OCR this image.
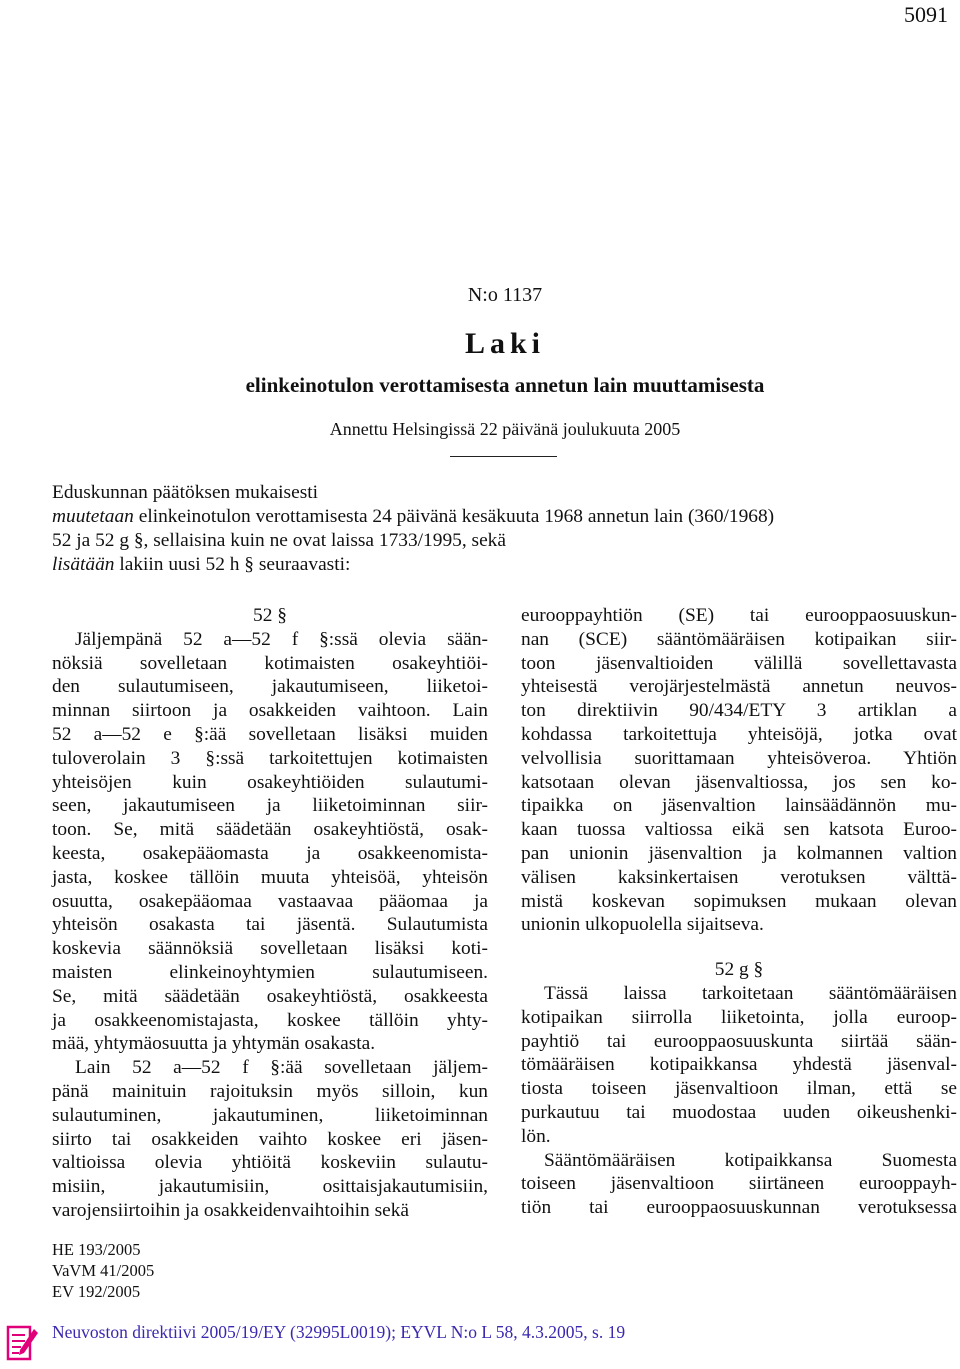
5091
N:o 1137
Laki
elinkeinotulon verottamisesta annetun lain muuttamisesta
Annettu Helsingissä 22 päivänä joulukuuta 2005
Eduskunnan päätöksen mukaisesti
muutetaan elinkeinotulon verottamisesta 24 päivänä kesäkuuta 1968 annetun lain (360/1968)
52 ja 52 g §, sellaisina kuin ne ovat laissa 1733/1995, sekä
lisätään lakiin uusi 52 h § seuraavasti:
52 §
Jäljempänä 52 a—52 f §:ssä olevia sään-
nöksiä sovelletaan kotimaisten osakeyhtiöi-
den sulautumiseen, jakautumiseen, liiketoi-
minnan siirtoon ja osakkeiden vaihtoon. Lain
52 a—52 e §:ää sovelletaan lisäksi muiden
tuloverolain 3 §:ssä tarkoitettujen kotimaisten
yhteisöjen kuin osakeyhtiöiden sulautumi-
seen, jakautumiseen ja liiketoiminnan siir-
toon. Se, mitä säädetään osakeyhtiöstä, osak-
keesta, osakepääomasta ja osakkeenomista-
jasta, koskee tällöin muuta yhteisöä, yhteisön
osuutta, osakepääomaa vastaavaa pääomaa ja
yhteisön osakasta tai jäsentä. Sulautumista
koskevia säännöksiä sovelletaan lisäksi koti-
maisten elinkeinoyhtymien sulautumiseen.
Se, mitä säädetään osakeyhtiöstä, osakkeesta
ja osakkeenomistajasta, koskee tällöin yhty-
mää, yhtymäosuutta ja yhtymän osakasta.
Lain 52 a—52 f §:ää sovelletaan jäljem-
pänä mainituin rajoituksin myös silloin, kun
sulautuminen, jakautuminen, liiketoiminnan
siirto tai osakkeiden vaihto koskee eri jäsen-
valtioissa olevia yhtiöitä koskeviin sulautu-
misiin, jakautumisiin, osittaisjakautumisiin,
varojensiirtoihin ja osakkeidenvaihtoihin sekä
eurooppayhtiön (SE) tai eurooppaosuuskun-
nan (SCE) sääntömääräisen kotipaikan siir-
toon jäsenvaltioiden välillä sovellettavasta
yhteisestä verojärjestelmästä annetun neuvos-
ton direktiivin 90/434/ETY 3 artiklan a
kohdassa tarkoitettuja yhteisöjä, jotka ovat
velvollisia suorittamaan yhteisöveroa. Yhtiön
katsotaan olevan jäsenvaltiossa, jos sen ko-
tipaikka on jäsenvaltion lainsäädännön mu-
kaan tuossa valtiossa eikä sen katsota Euroo-
pan unionin jäsenvaltion ja kolmannen valtion
välisen kaksinkertaisen verotuksen välttä-
mistä koskevan sopimuksen mukaan olevan
unionin ulkopuolella sijaitseva.
52 g §
Tässä laissa tarkoitetaan sääntömääräisen
kotipaikan siirrolla liiketointa, jolla euroop-
payhtiö tai eurooppaosuuskunta siirtää sään-
tömääräisen kotipaikkansa yhdestä jäsenval-
tiosta toiseen jäsenvaltioon ilman, että se
purkautuu tai muodostaa uuden oikeushenki-
lön.
Sääntömääräisen kotipaikkansa Suomesta
toiseen jäsenvaltioon siirtäneen eurooppayh-
tiön tai eurooppaosuuskunnan verotuksessa
HE 193/2005
VaVM 41/2005
EV 192/2005
Neuvoston direktiivi 2005/19/EY (32995L0019); EYVL N:o L 58, 4.3.2005, s. 19
